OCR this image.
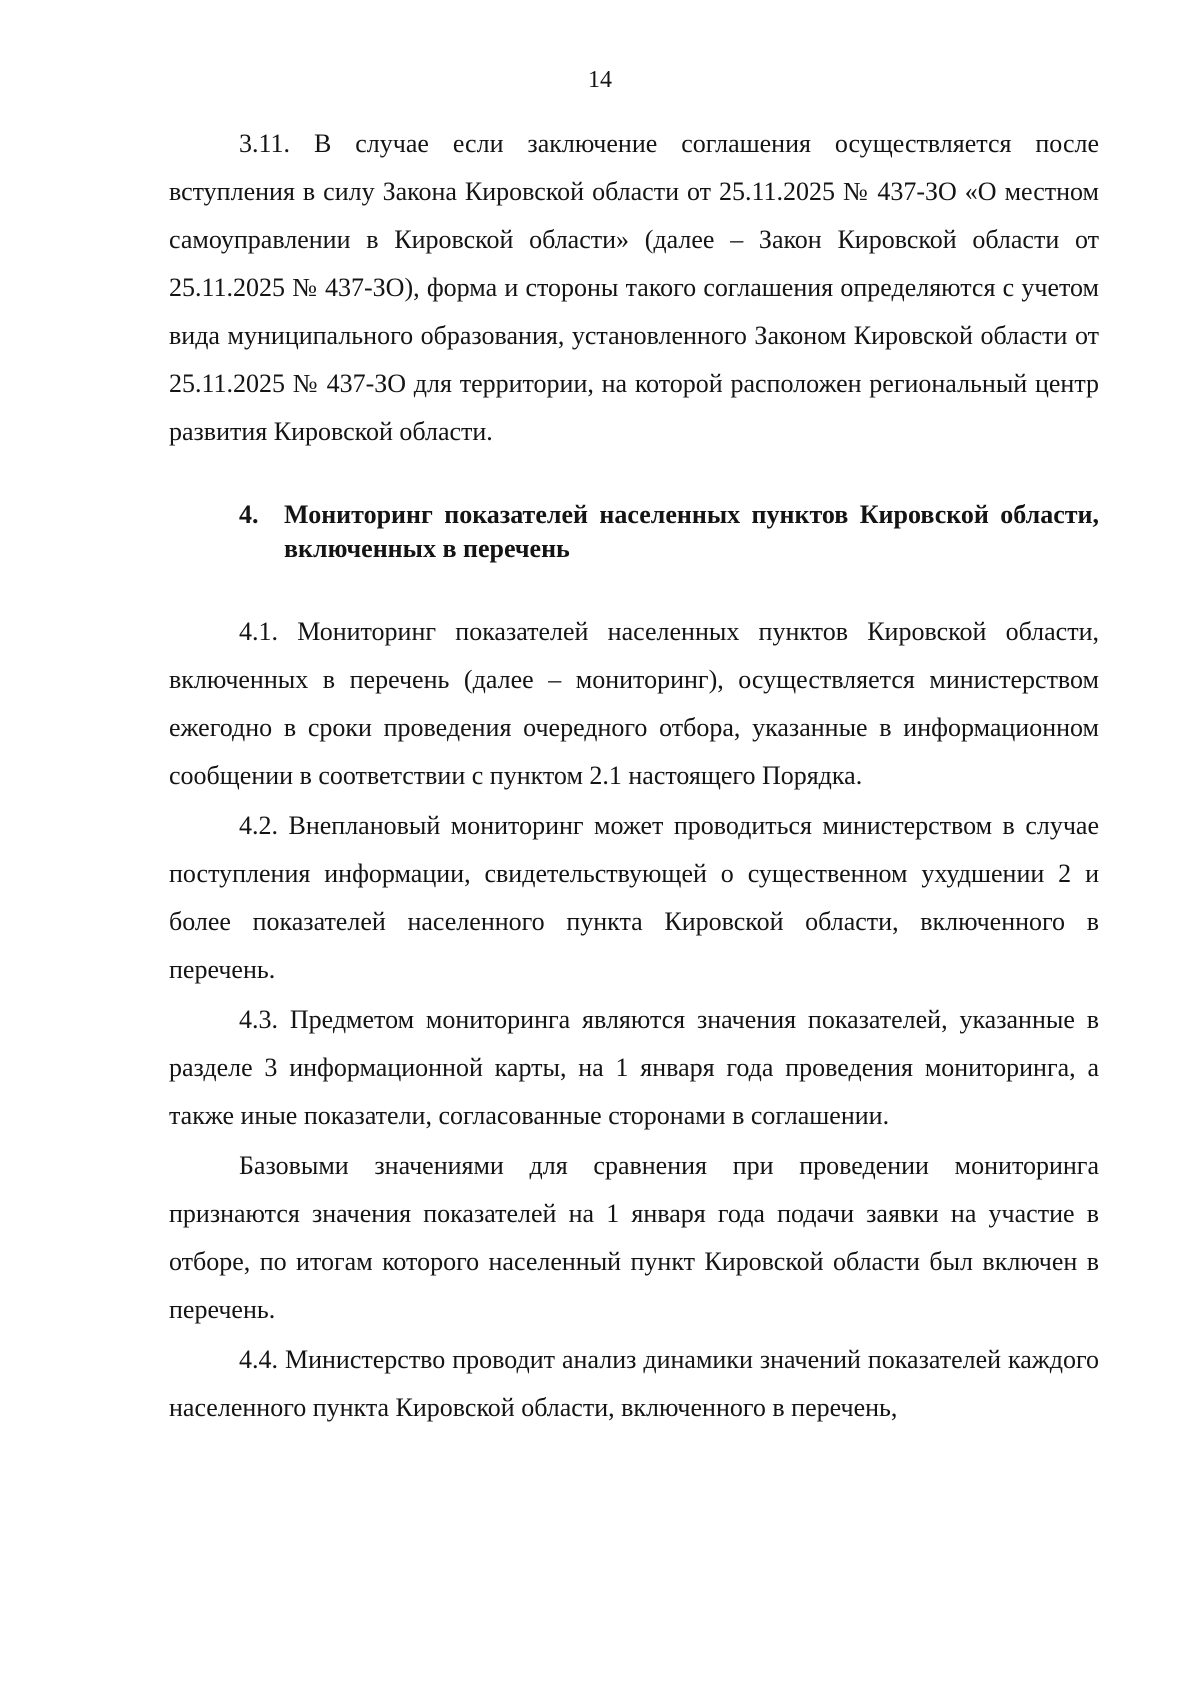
14

3.11. В случае если заключение соглашения осуществляется после вступления в силу Закона Кировской области от 25.11.2025 № 437-ЗО «О местном самоуправлении в Кировской области» (далее – Закон Кировской области от 25.11.2025 № 437-ЗО), форма и стороны такого соглашения определяются с учетом вида муниципального образования, установленного Законом Кировской области от 25.11.2025 № 437-ЗО для территории, на которой расположен региональный центр развития Кировской области.

4. Мониторинг показателей населенных пунктов Кировской области, включенных в перечень

4.1. Мониторинг показателей населенных пунктов Кировской области, включенных в перечень (далее – мониторинг), осуществляется министерством ежегодно в сроки проведения очередного отбора, указанные в информационном сообщении в соответствии с пунктом 2.1 настоящего Порядка.

4.2. Внеплановый мониторинг может проводиться министерством в случае поступления информации, свидетельствующей о существенном ухудшении 2 и более показателей населенного пункта Кировской области, включенного в перечень.

4.3. Предметом мониторинга являются значения показателей, указанные в разделе 3 информационной карты, на 1 января года проведения мониторинга, а также иные показатели, согласованные сторонами в соглашении.

Базовыми значениями для сравнения при проведении мониторинга признаются значения показателей на 1 января года подачи заявки на участие в отборе, по итогам которого населенный пункт Кировской области был включен в перечень.

4.4. Министерство проводит анализ динамики значений показателей каждого населенного пункта Кировской области, включенного в перечень,
